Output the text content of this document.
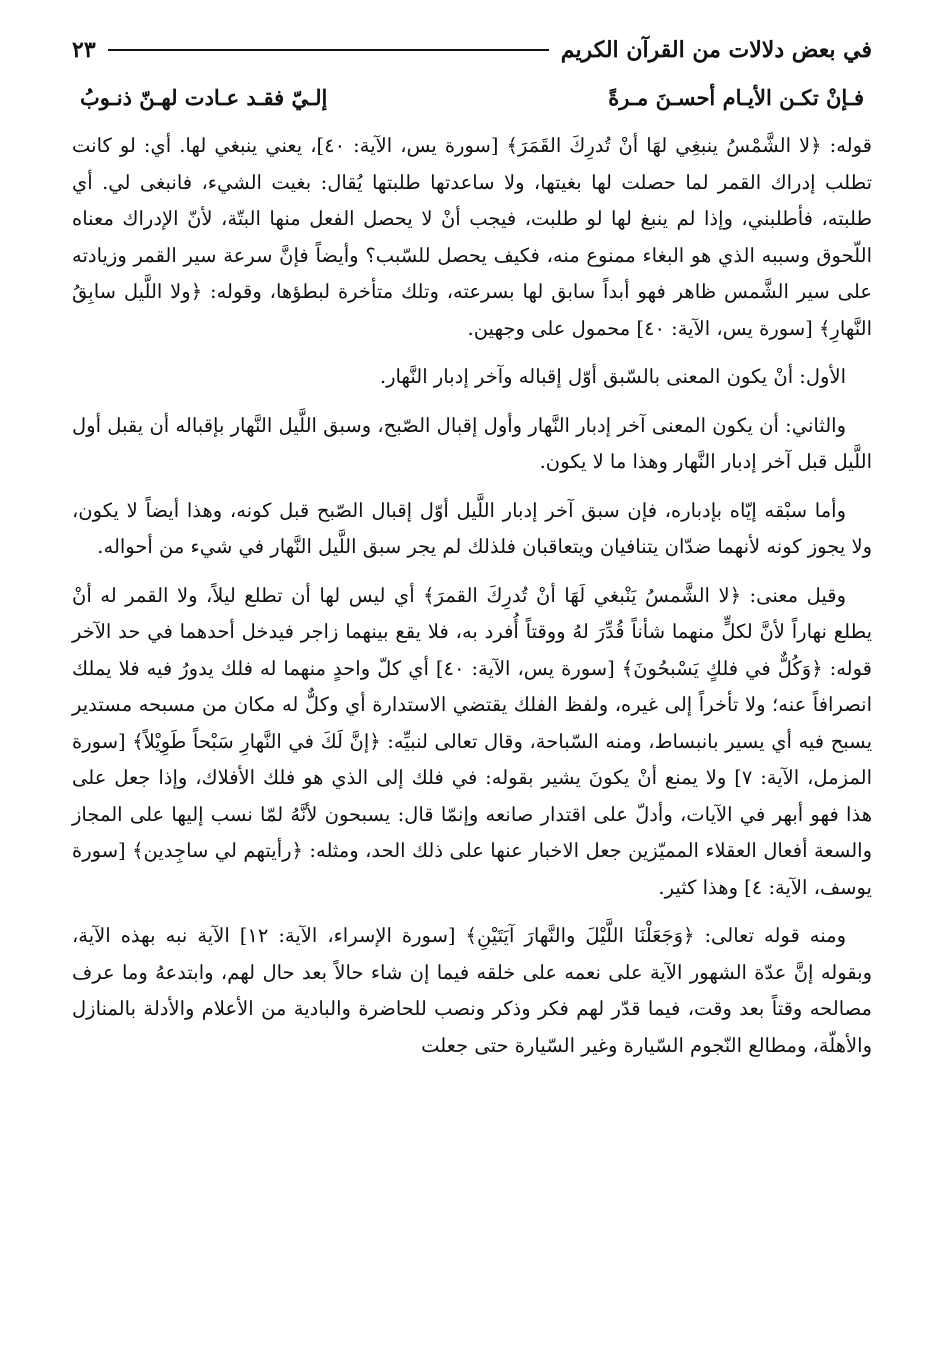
في بعض دلالات من القرآن الكريم
٢٣
فـإنْ تكـن الأيـام أحسـنَ مـرةً
إلـيّ فقـد عـادت لهـنّ ذنـوبُ

قوله: ﴿لا الشَّمْسُ ينبغِي لهَا أنْ تُدرِكَ القَمَرَ﴾ [سورة يس، الآية: ٤٠]، يعني ينبغي لها. أي: لو كانت تطلب إدراك القمر لما حصلت لها بغيتها، ولا ساعدتها طلبتها يُقال: بغيت الشيء، فانبغى لي. أي طلبته، فأطلبني، وإذا لم ينبغ لها لو طلبت، فيجب أنْ لا يحصل الفعل منها البتّة، لأنّ الإدراك معناه اللّحوق وسببه الذي هو البغاء ممنوع منه، فكيف يحصل للسّبب؟ وأيضاً فإنَّ سرعة سير القمر وزيادته على سير الشَّمس ظاهر فهو أبداً سابق لها بسرعته، وتلك متأخرة لبطؤها، وقوله: ﴿ولا اللَّيل سابِقُ النَّهارِ﴾ [سورة يس، الآية: ٤٠] محمول على وجهين.

الأول: أنْ يكون المعنى بالسّبق أوّل إقباله وآخر إدبار النَّهار.

والثاني: أن يكون المعنى آخر إدبار النَّهار وأول إقبال الصّبح، وسبق اللَّيل النَّهار بإقباله أن يقبل أول اللَّيل قبل آخر إدبار النَّهار وهذا ما لا يكون.

وأما سبْقه إيّاه بإدباره، فإن سبق آخر إدبار اللَّيل أوّل إقبال الصّبح قبل كونه، وهذا أيضاً لا يكون، ولا يجوز كونه لأنهما ضدّان يتنافيان ويتعاقبان فلذلك لم يجر سبق اللَّيل النَّهار في شيء من أحواله.

وقيل معنى: ﴿لا الشَّمسُ يَنْبغي لَهَا أنْ تُدرِكَ القمرَ﴾ أي ليس لها أن تطلع ليلاً، ولا القمر له أنْ يطلع نهاراً لأنَّ لكلٍّ منهما شأناً قُدِّرَ لهُ ووقتاً أُفرد به، فلا يقع بينهما زاجر فيدخل أحدهما في حد الآخر قوله: ﴿وَكُلٌّ في فلكٍ يَسْبحُونَ﴾ [سورة يس، الآية: ٤٠] أي كلّ واحدٍ منهما له فلك يدورُ فيه فلا يملك انصرافاً عنه؛ ولا تأخراً إلى غيره، ولفظ الفلك يقتضي الاستدارة أي وكلٌّ له مكان من مسبحه مستدير يسبح فيه أي يسير بانبساط، ومنه السّباحة، وقال تعالى لنبيِّه: ﴿إنَّ لَكَ في النَّهارِ سَبْحاً طَوِيْلاً﴾ [سورة المزمل، الآية: ٧] ولا يمنع أنْ يكونَ يشير بقوله: في فلك إلى الذي هو فلك الأفلاك، وإذا جعل على هذا فهو أبهر في الآيات، وأدلّ على اقتدار صانعه وإنمّا قال: يسبحون لأنَّهُ لمّا نسب إليها على المجاز والسعة أفعال العقلاء المميّزين جعل الاخبار عنها على ذلك الحد، ومثله: ﴿رأيتهم لي ساجِدين﴾ [سورة يوسف، الآية: ٤] وهذا كثير.

ومنه قوله تعالى: ﴿وَجَعَلْنَا اللَّيْلَ والنَّهارَ آيَتَيْنِ﴾ [سورة الإسراء، الآية: ١٢] الآية نبه بهذه الآية، وبقوله إنَّ عدّة الشهور الآية على نعمه على خلقه فيما إن شاء حالاً بعد حال لهم، وابتدعهُ وما عرف مصالحه وقتاً بعد وقت، فيما قدّر لهم فكر وذكر ونصب للحاضرة والبادية من الأعلام والأدلة بالمنازل والأهلّة، ومطالع النّجوم السّيارة وغير السّيارة حتى جعلت
